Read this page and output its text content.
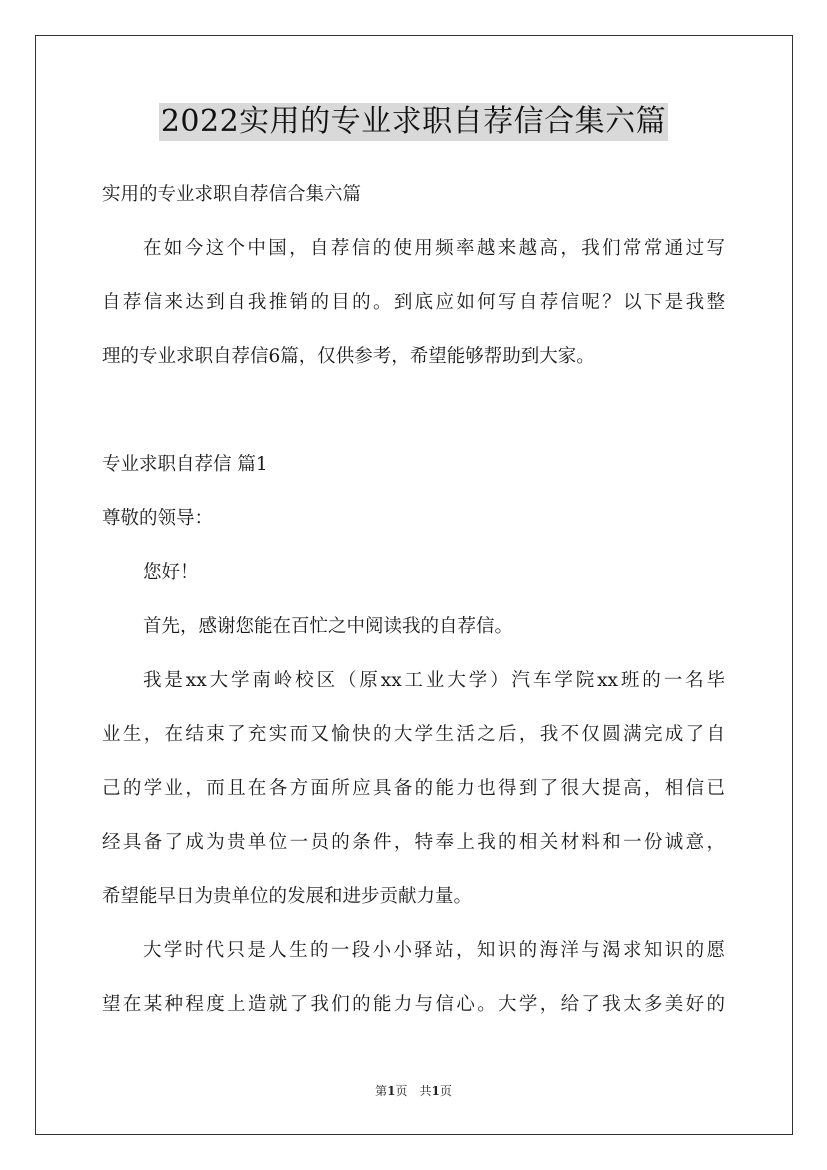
2022实用的专业求职自荐信合集六篇
实用的专业求职自荐信合集六篇
在如今这个中国，自荐信的使用频率越来越高，我们常常通过写
自荐信来达到自我推销的目的。到底应如何写自荐信呢？以下是我整
理的专业求职自荐信6篇，仅供参考，希望能够帮助到大家。
专业求职自荐信 篇1
尊敬的领导：
您好！
首先，感谢您能在百忙之中阅读我的自荐信。
我是xx大学南岭校区（原xx工业大学）汽车学院xx班的一名毕
业生，在结束了充实而又愉快的大学生活之后，我不仅圆满完成了自
己的学业，而且在各方面所应具备的能力也得到了很大提高，相信已
经具备了成为贵单位一员的条件，特奉上我的相关材料和一份诚意，
希望能早日为贵单位的发展和进步贡献力量。
大学时代只是人生的一段小小驿站，知识的海洋与渴求知识的愿
望在某种程度上造就了我们的能力与信心。大学，给了我太多美好的
第1页　共1页
